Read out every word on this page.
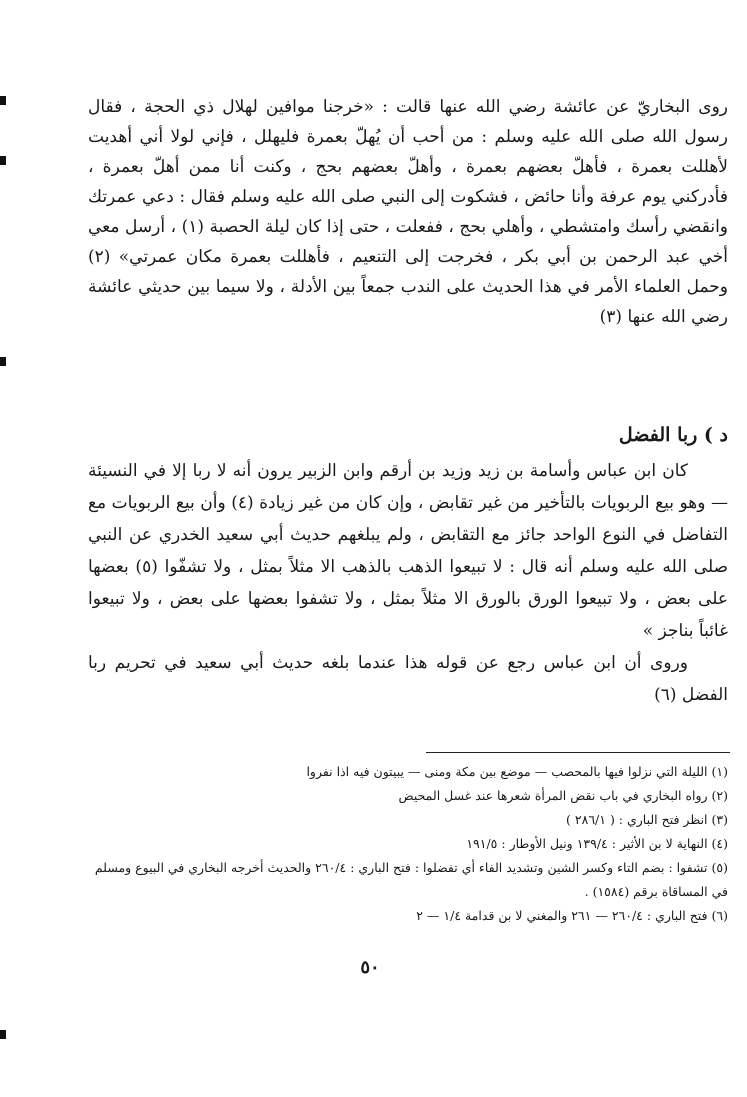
روى البخاريّ عن عائشة رضي الله عنها قالت : «خرجنا موافين لهلال ذي الحجة ، فقال رسول الله صلى الله عليه وسلم : من أحب أن يُهلّ بعمرة فليهلل ، فإني لولا أني أهديت لأهللت بعمرة ، فأهلّ بعضهم بعمرة ، وأهلّ بعضهم بحج ، وكنت أنا ممن أهلّ بعمرة ، فأدركني يوم عرفة وأنا حائض ، فشكوت إلى النبي صلى الله عليه وسلم فقال : دعي عمرتك وانقضي رأسك وامتشطي ، وأهلي بحج ، ففعلت ، حتى إذا كان ليلة الحصبة (١) ، أرسل معي أخي عبد الرحمن بن أبي بكر ، فخرجت إلى التنعيم ، فأهللت بعمرة مكان عمرتي» (٢) وحمل العلماء الأمر في هذا الحديث على الندب جمعاً بين الأدلة ، ولا سيما بين حديثي عائشة رضي الله عنها (٣)

د ) ربا الفضل

كان ابن عباس وأسامة بن زيد وزيد بن أرقم وابن الزبير يرون أنه لا ربا إلا في النسيئة — وهو بيع الربويات بالتأخير من غير تقابض ، وإن كان من غير زيادة (٤) وأن بيع الربويات مع التفاضل في النوع الواحد جائز مع التقابض ، ولم يبلغهم حديث أبي سعيد الخدري عن النبي صلى الله عليه وسلم أنه قال : لا تبيعوا الذهب بالذهب الا مثلاً بمثل ، ولا تشفّوا (٥) بعضها على بعض ، ولا تبيعوا الورق بالورق الا مثلاً بمثل ، ولا تشفوا بعضها على بعض ، ولا تبيعوا غائباً بناجز »

وروى أن ابن عباس رجع عن قوله هذا عندما بلغه حديث أبي سعيد في تحريم ربا الفضل (٦)

(١) الليلة التي نزلوا فيها بالمحصب — موضع بين مكة ومنى — يبيتون فيه اذا نفروا

(٢) رواه البخاري في باب نقض المرأة شعرها عند غسل المحيض

(٣) انظر فتح الباري : ( ٢٨٦/١ )

(٤) النهاية لا بن الأثير : ١٣٩/٤ ونيل الأوطار : ١٩١/٥

(٥) تشفوا : بضم التاء وكسر الشين وتشديد الفاء أي تفضلوا : فتح الباري : ٢٦٠/٤ والحديث أخرجه البخاري في البيوع ومسلم في المساقاة برقم (١٥٨٤) .

(٦) فتح الباري : ٢٦٠/٤ — ٢٦١ والمغني لا بن قدامة ١/٤ — ٢

٥٠
